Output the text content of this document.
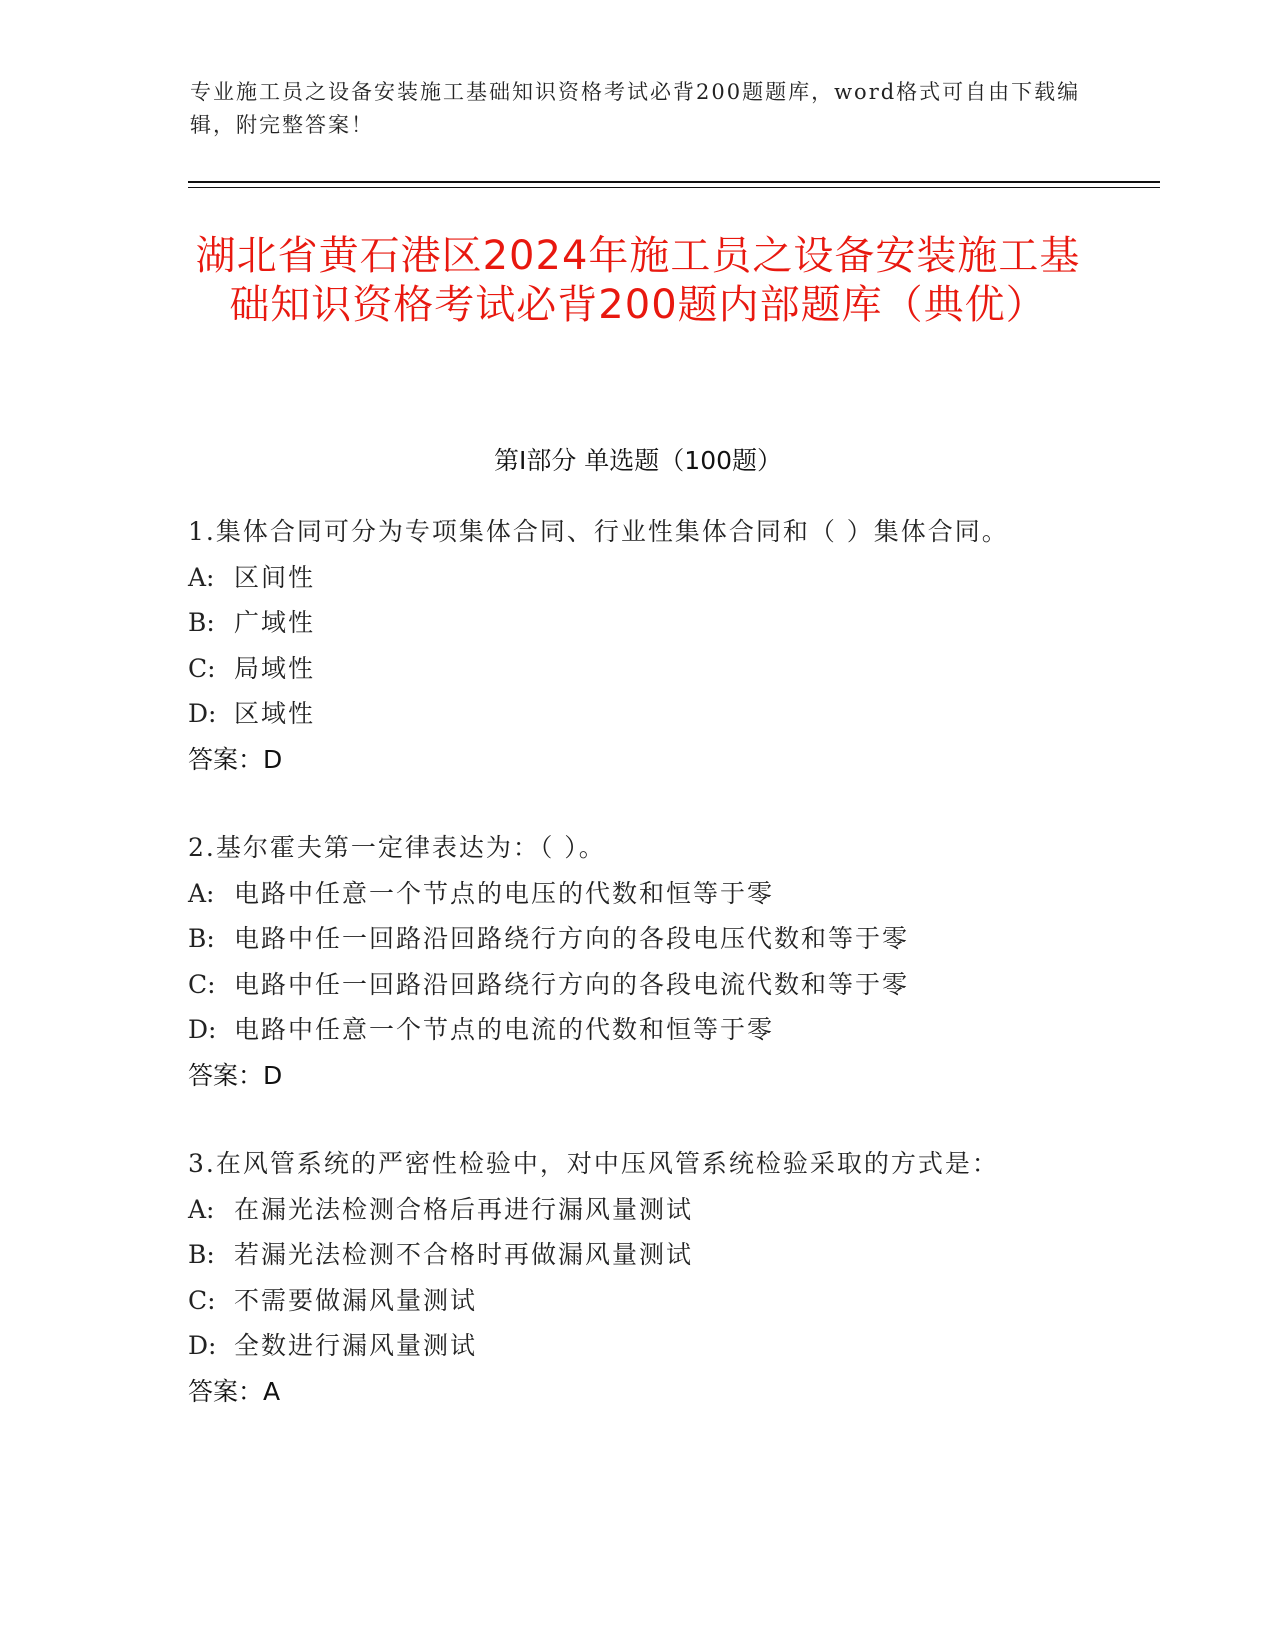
专业施工员之设备安装施工基础知识资格考试必背200题题库，word格式可自由下载编辑，附完整答案！
湖北省黄石港区2024年施工员之设备安装施工基础知识资格考试必背200题内部题库（典优）
第I部分 单选题（100题）
1.集体合同可分为专项集体合同、行业性集体合同和（ ）集体合同。
A: 区间性
B: 广域性
C: 局域性
D: 区域性
答案：D
2.基尔霍夫第一定律表达为：（ ）。
A: 电路中任意一个节点的电压的代数和恒等于零
B: 电路中任一回路沿回路绕行方向的各段电压代数和等于零
C: 电路中任一回路沿回路绕行方向的各段电流代数和等于零
D: 电路中任意一个节点的电流的代数和恒等于零
答案：D
3.在风管系统的严密性检验中，对中压风管系统检验采取的方式是：
A: 在漏光法检测合格后再进行漏风量测试
B: 若漏光法检测不合格时再做漏风量测试
C: 不需要做漏风量测试
D: 全数进行漏风量测试
答案：A
